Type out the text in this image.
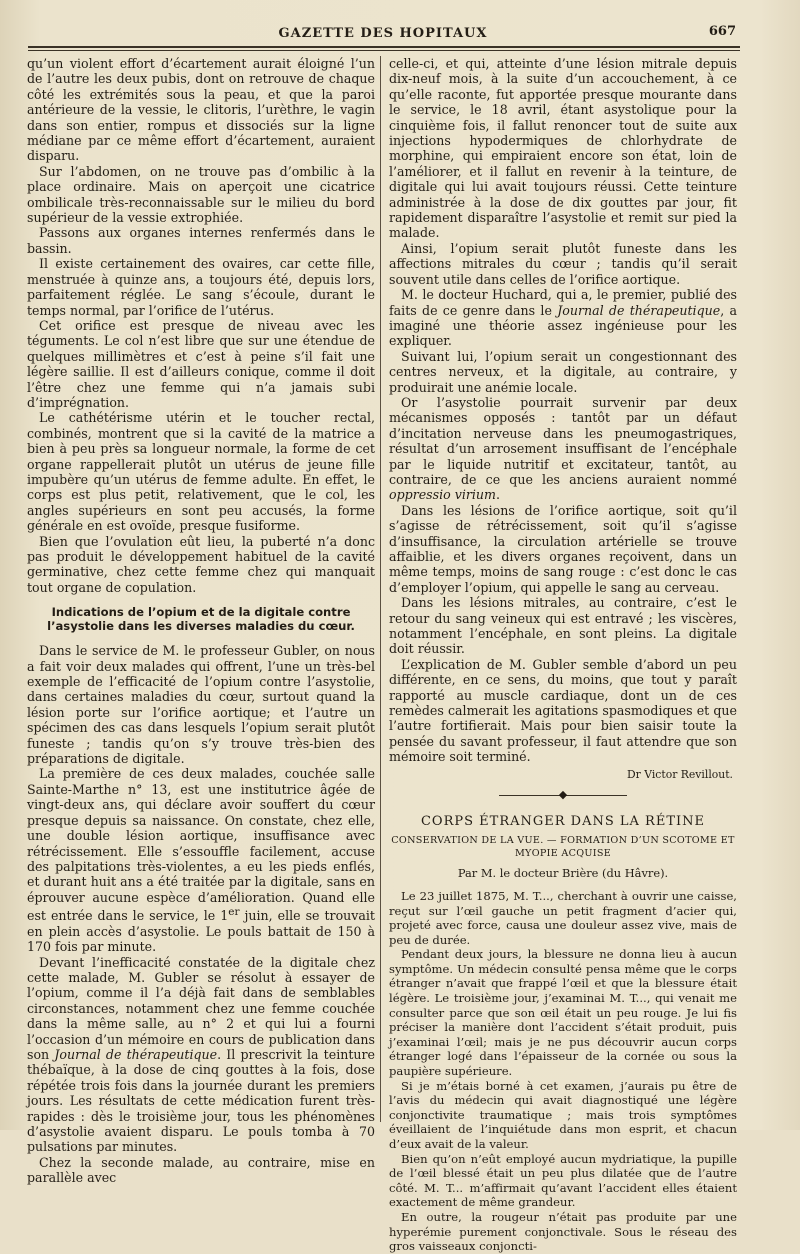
GAZETTE DES HOPITAUX	667

qu’un violent effort d’écartement aurait éloigné l’un de l’autre les deux pubis, dont on retrouve de chaque côté les extrémités sous la peau, et que la paroi antérieure de la vessie, le clitoris, l’urèthre, le vagin dans son entier, rompus et dissociés sur la ligne médiane par ce même effort d’écartement, auraient disparu.

Sur l’abdomen, on ne trouve pas d’ombilic à la place ordinaire. Mais on aperçoit une cicatrice ombilicale très-reconnaissable sur le milieu du bord supérieur de la vessie extrophiée.

Passons aux organes internes renfermés dans le bassin.

Il existe certainement des ovaires, car cette fille, menstruée à quinze ans, a toujours été, depuis lors, parfaitement réglée. Le sang s’écoule, durant le temps normal, par l’orifice de l’utérus.

Cet orifice est presque de niveau avec les téguments. Le col n’est libre que sur une étendue de quelques millimètres et c’est à peine s’il fait une légère saillie. Il est d’ailleurs conique, comme il doit l’être chez une femme qui n’a jamais subi d’imprégnation.

Le cathétérisme utérin et le toucher rectal, combinés, montrent que si la cavité de la matrice a bien à peu près sa longueur normale, la forme de cet organe rappellerait plutôt un utérus de jeune fille impubère qu’un utérus de femme adulte. En effet, le corps est plus petit, relativement, que le col, les angles supérieurs en sont peu accusés, la forme générale en est ovoïde, presque fusiforme.

Bien que l’ovulation eût lieu, la puberté n’a donc pas produit le développement habituel de la cavité germinative, chez cette femme chez qui manquait tout organe de copulation.

Indications de l’opium et de la digitale contre l’asystolie dans les diverses maladies du cœur.

Dans le service de M. le professeur Gubler, on nous a fait voir deux malades qui offrent, l’une un très-bel exemple de l’efficacité de l’opium contre l’asystolie, dans certaines maladies du cœur, surtout quand la lésion porte sur l’orifice aortique; et l’autre un spécimen des cas dans lesquels l’opium serait plutôt funeste ; tandis qu’on s’y trouve très-bien des préparations de digitale.

La première de ces deux malades, couchée salle Sainte-Marthe n° 13, est une institutrice âgée de vingt-deux ans, qui déclare avoir souffert du cœur presque depuis sa naissance. On constate, chez elle, une double lésion aortique, insuffisance avec rétrécissement. Elle s’essouffle facilement, accuse des palpitations très-violentes, a eu les pieds enflés, et durant huit ans a été traitée par la digitale, sans en éprouver aucune espèce d’amélioration. Quand elle est entrée dans le service, le 1er juin, elle se trouvait en plein accès d’asystolie. Le pouls battait de 150 à 170 fois par minute.

Devant l’inefficacité constatée de la digitale chez cette malade, M. Gubler se résolut à essayer de l’opium, comme il l’a déjà fait dans de semblables circonstances, notamment chez une femme couchée dans la même salle, au n° 2 et qui lui a fourni l’occasion d’un mémoire en cours de publication dans son Journal de thérapeutique. Il prescrivit la teinture thébaïque, à la dose de cinq gouttes à la fois, dose répétée trois fois dans la journée durant les premiers jours. Les résultats de cette médication furent très-rapides : dès le troisième jour, tous les phénomènes d’asystolie avaient disparu. Le pouls tomba à 70 pulsations par minutes.

Chez la seconde malade, au contraire, mise en parallèle avec

celle-ci, et qui, atteinte d’une lésion mitrale depuis dix-neuf mois, à la suite d’un accouchement, à ce qu’elle raconte, fut apportée presque mourante dans le service, le 18 avril, étant asystolique pour la cinquième fois, il fallut renoncer tout de suite aux injections hypodermiques de chlorhydrate de morphine, qui empiraient encore son état, loin de l’améliorer, et il fallut en revenir à la teinture, de digitale qui lui avait toujours réussi. Cette teinture administrée à la dose de dix gouttes par jour, fit rapidement disparaître l’asystolie et remit sur pied la malade.

Ainsi, l’opium serait plutôt funeste dans les affections mitrales du cœur ; tandis qu’il serait souvent utile dans celles de l’orifice aortique.

M. le docteur Huchard, qui a, le premier, publié des faits de ce genre dans le Journal de thérapeutique, a imaginé une théorie assez ingénieuse pour les expliquer.

Suivant lui, l’opium serait un congestionnant des centres nerveux, et la digitale, au contraire, y produirait une anémie locale.

Or l’asystolie pourrait survenir par deux mécanismes opposés : tantôt par un défaut d’incitation nerveuse dans les pneumogastriques, résultat d’un arrosement insuffisant de l’encéphale par le liquide nutritif et excitateur, tantôt, au contraire, de ce que les anciens auraient nommé oppressio virium.

Dans les lésions de l’orifice aortique, soit qu’il s’agisse de rétrécissement, soit qu’il s’agisse d’insuffisance, la circulation artérielle se trouve affaiblie, et les divers organes reçoivent, dans un même temps, moins de sang rouge : c’est donc le cas d’employer l’opium, qui appelle le sang au cerveau.

Dans les lésions mitrales, au contraire, c’est le retour du sang veineux qui est entravé ; les viscères, notamment l’encéphale, en sont pleins. La digitale doit réussir.

L’explication de M. Gubler semble d’abord un peu différente, en ce sens, du moins, que tout y paraît rapporté au muscle cardiaque, dont un de ces remèdes calmerait les agitations spasmodiques et que l’autre fortifierait. Mais pour bien saisir toute la pensée du savant professeur, il faut attendre que son mémoire soit terminé.

Dr Victor Revillout.
◆
CORPS ÉTRANGER DANS LA RÉTINE
CONSERVATION DE LA VUE. — FORMATION D’UN SCOTOME ET MYOPIE ACQUISE
Par M. le docteur Brière (du Hâvre).

Le 23 juillet 1875, M. T..., cherchant à ouvrir une caisse, reçut sur l’œil gauche un petit fragment d’acier qui, projeté avec force, causa une douleur assez vive, mais de peu de durée.

Pendant deux jours, la blessure ne donna lieu à aucun symptôme. Un médecin consulté pensa même que le corps étranger n’avait que frappé l’œil et que la blessure était légère. Le troisième jour, j’examinai M. T..., qui venait me consulter parce que son œil était un peu rouge. Je lui fis préciser la manière dont l’accident s’était produit, puis j’examinai l’œil; mais je ne pus découvrir aucun corps étranger logé dans l’épaisseur de la cornée ou sous la paupière supérieure.

Si je m’étais borné à cet examen, j’aurais pu être de l’avis du médecin qui avait diagnostiqué une légère conjonctivite traumatique ; mais trois symptômes éveillaient de l’inquiétude dans mon esprit, et chacun d’eux avait de la valeur.

Bien qu’on n’eût employé aucun mydriatique, la pupille de l’œil blessé était un peu plus dilatée que de l’autre côté. M. T... m’affirmait qu’avant l’accident elles étaient exactement de même grandeur.

En outre, la rougeur n’était pas produite par une hyperémie purement conjonctivale. Sous le réseau des gros vaisseaux conjoncti-
